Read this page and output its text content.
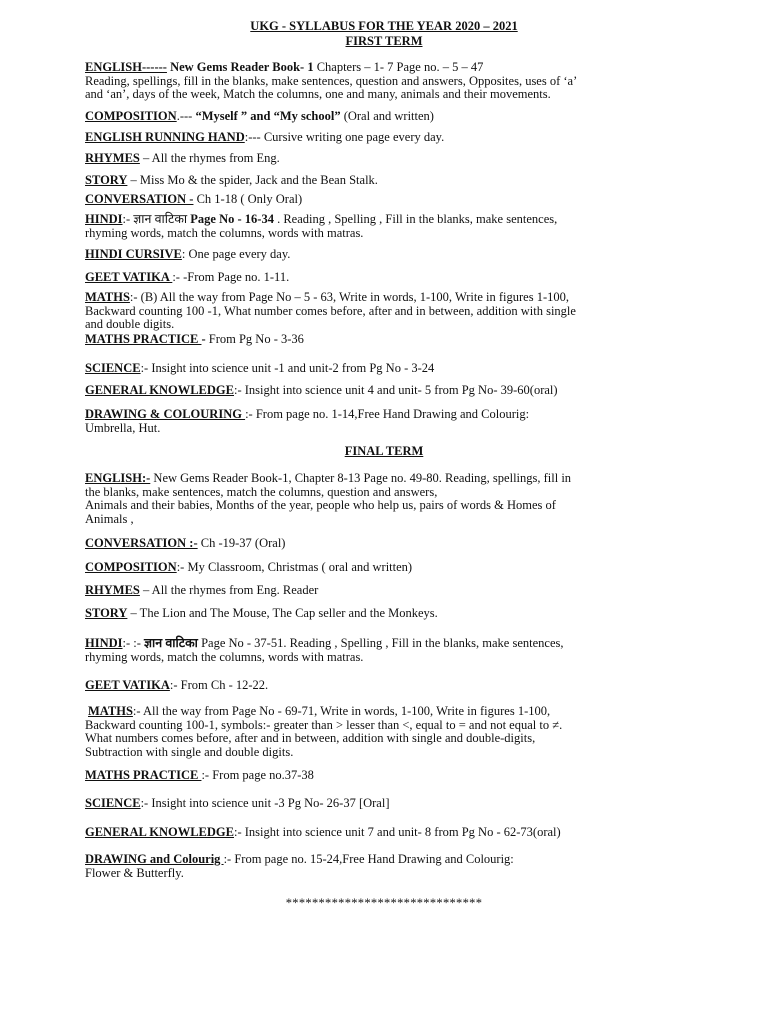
UKG - SYLLABUS FOR THE YEAR 2020 – 2021
FIRST TERM
ENGLISH------ New Gems Reader Book- 1 Chapters – 1- 7 Page no. – 5 – 47
Reading, spellings, fill in the blanks, make sentences, question and answers, Opposites, uses of ‘a’
and ‘an’, days of the week, Match the columns, one and many, animals and their movements.
COMPOSITION.--- “Myself ” and “My school” (Oral and written)
ENGLISH RUNNING HAND:--- Cursive writing one page every day.
RHYMES – All the rhymes from Eng.
STORY – Miss Mo & the spider, Jack and the Bean Stalk.
CONVERSATION - Ch 1-18 ( Only Oral)
HINDI:- ज्ञान वाटिका Page No - 16-34 . Reading , Spelling , Fill in the blanks, make sentences,
rhyming words, match the columns, words with matras.
HINDI CURSIVE: One page every day.
GEET VATIKA :- -From Page no. 1-11.
MATHS:- (B) All the way from Page No – 5 - 63, Write in words, 1-100, Write in figures 1-100,
Backward counting 100 -1, What number comes before, after and in between, addition with single
and double digits.
MATHS PRACTICE - From Pg No - 3-36
SCIENCE:- Insight into science unit -1 and unit-2 from Pg No - 3-24
GENERAL KNOWLEDGE:- Insight into science unit 4 and unit- 5 from Pg No- 39-60(oral)
DRAWING & COLOURING :- From page no. 1-14,Free Hand Drawing and Colourig:
Umbrella, Hut.
FINAL TERM
ENGLISH:- New Gems Reader Book-1, Chapter 8-13 Page no. 49-80. Reading, spellings, fill in
the blanks, make sentences, match the columns, question and answers,
Animals and their babies, Months of the year, people who help us, pairs of words & Homes of
Animals ,
CONVERSATION :- Ch -19-37 (Oral)
COMPOSITION:- My Classroom, Christmas ( oral and written)
RHYMES – All the rhymes from Eng. Reader
STORY – The Lion and The Mouse, The Cap seller and the Monkeys.
HINDI:- :- ज्ञान वाटिका Page No - 37-51. Reading , Spelling , Fill in the blanks, make sentences,
rhyming words, match the columns, words with matras.
GEET VATIKA:- From Ch - 12-22.
MATHS:- All the way from Page No - 69-71, Write in words, 1-100, Write in figures 1-100,
Backward counting 100-1, symbols:- greater than > lesser than <, equal to = and not equal to ≠.
What numbers comes before, after and in between, addition with single and double-digits,
Subtraction with single and double digits.
MATHS PRACTICE :- From page no.37-38
SCIENCE:- Insight into science unit -3 Pg No- 26-37 [Oral]
GENERAL KNOWLEDGE:- Insight into science unit 7 and unit- 8 from Pg No - 62-73(oral)
DRAWING and Colourig :- From page no. 15-24,Free Hand Drawing and Colourig:
Flower & Butterfly.
******************************
